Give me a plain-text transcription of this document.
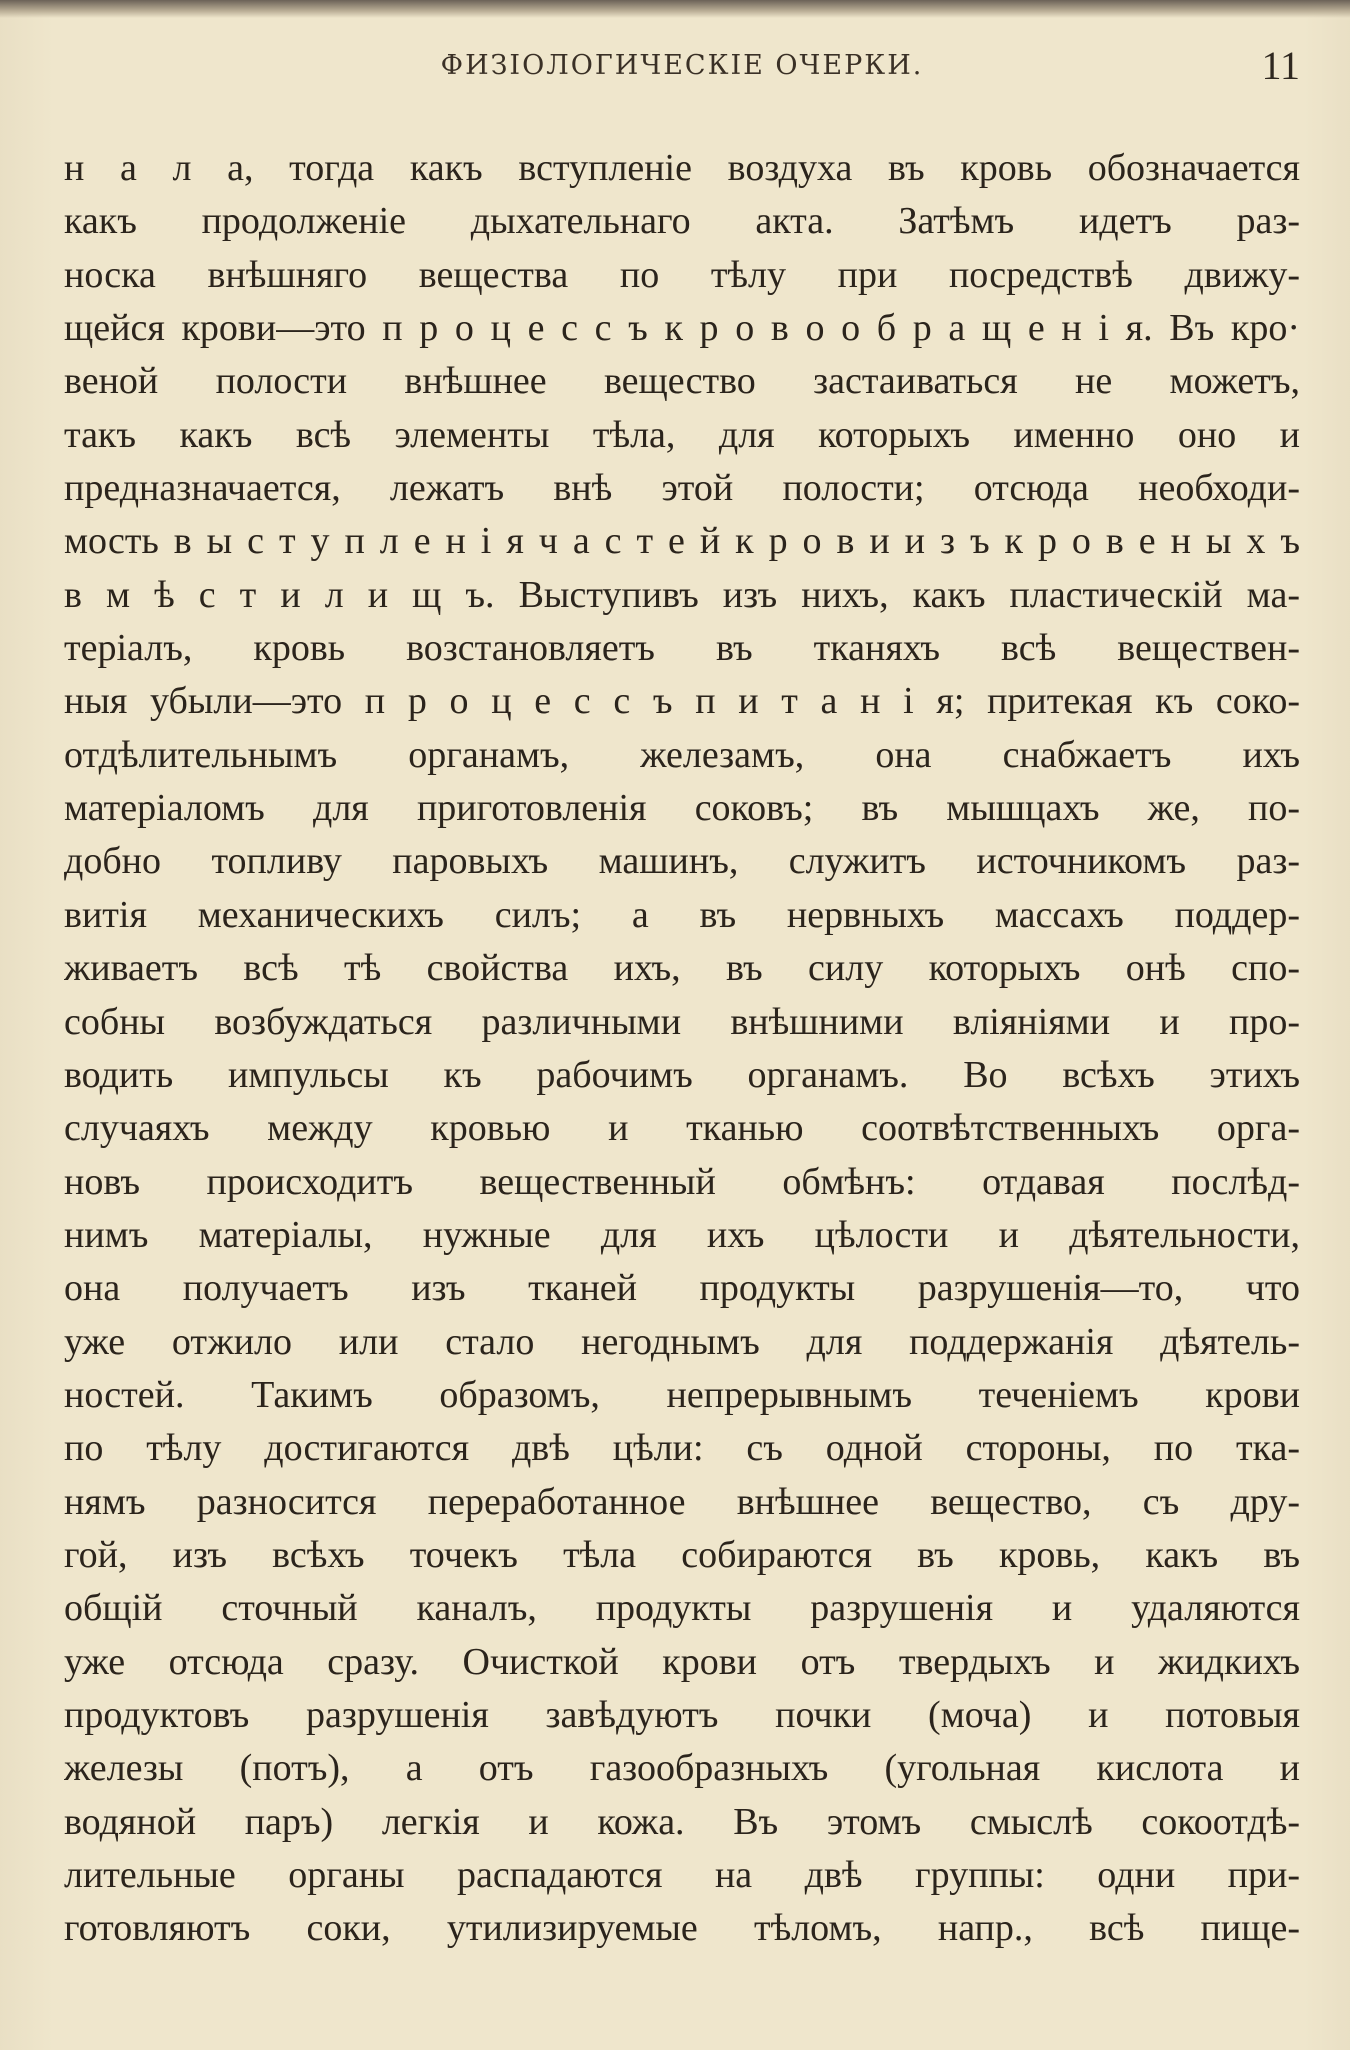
ФИЗІОЛОГИЧЕСКІЕ ОЧЕРКИ.	11
н а л а, тогда какъ вступленіе воздуха въ кровь обозначается
какъ продолженіе дыхательнаго акта. Затѣмъ идетъ раз-
носка внѣшняго вещества по тѣлу при посредствѣ движу-
щейся крови—это п р о ц е с с ъ к р о в о о б р а щ е н і я. Въ кро·
веной полости внѣшнее вещество застаиваться не можетъ,
такъ какъ всѣ элементы тѣла, для которыхъ именно оно и
предназначается, лежатъ внѣ этой полости; отсюда необходи-
мость в ы с т у п л е н і я ч а с т е й к р о в и и з ъ к р о в е н ы х ъ
в м ѣ с т и л и щ ъ. Выступивъ изъ нихъ, какъ пластическій ма-
теріалъ, кровь возстановляетъ въ тканяхъ всѣ веществен-
ныя убыли—это п р о ц е с с ъ п и т а н і я; притекая къ соко-
отдѣлительнымъ органамъ, железамъ, она снабжаетъ ихъ
матеріаломъ для приготовленія соковъ; въ мышцахъ же, по-
добно топливу паровыхъ машинъ, служитъ источникомъ раз-
витія механическихъ силъ; а въ нервныхъ массахъ поддер-
живаетъ всѣ тѣ свойства ихъ, въ силу которыхъ онѣ спо-
собны возбуждаться различными внѣшними вліяніями и про-
водить импульсы къ рабочимъ органамъ. Во всѣхъ этихъ
случаяхъ между кровью и тканью соотвѣтственныхъ орга-
новъ происходитъ вещественный обмѣнъ: отдавая послѣд-
нимъ матеріалы, нужные для ихъ цѣлости и дѣятельности,
она получаетъ изъ тканей продукты разрушенія—то, что
уже отжило или стало негоднымъ для поддержанія дѣятель-
ностей. Такимъ образомъ, непрерывнымъ теченіемъ крови
по тѣлу достигаются двѣ цѣли: съ одной стороны, по тка-
нямъ разносится переработанное внѣшнее вещество, съ дру-
гой, изъ всѣхъ точекъ тѣла собираются въ кровь, какъ въ
общій сточный каналъ, продукты разрушенія и удаляются
уже отсюда сразу. Очисткой крови отъ твердыхъ и жидкихъ
продуктовъ разрушенія завѣдуютъ почки (моча) и потовыя
железы (потъ), а отъ газообразныхъ (угольная кислота и
водяной паръ) легкія и кожа. Въ этомъ смыслѣ сокоотдѣ-
лительные органы распадаются на двѣ группы: одни при-
готовляютъ соки, утилизируемые тѣломъ, напр., всѣ пище-
